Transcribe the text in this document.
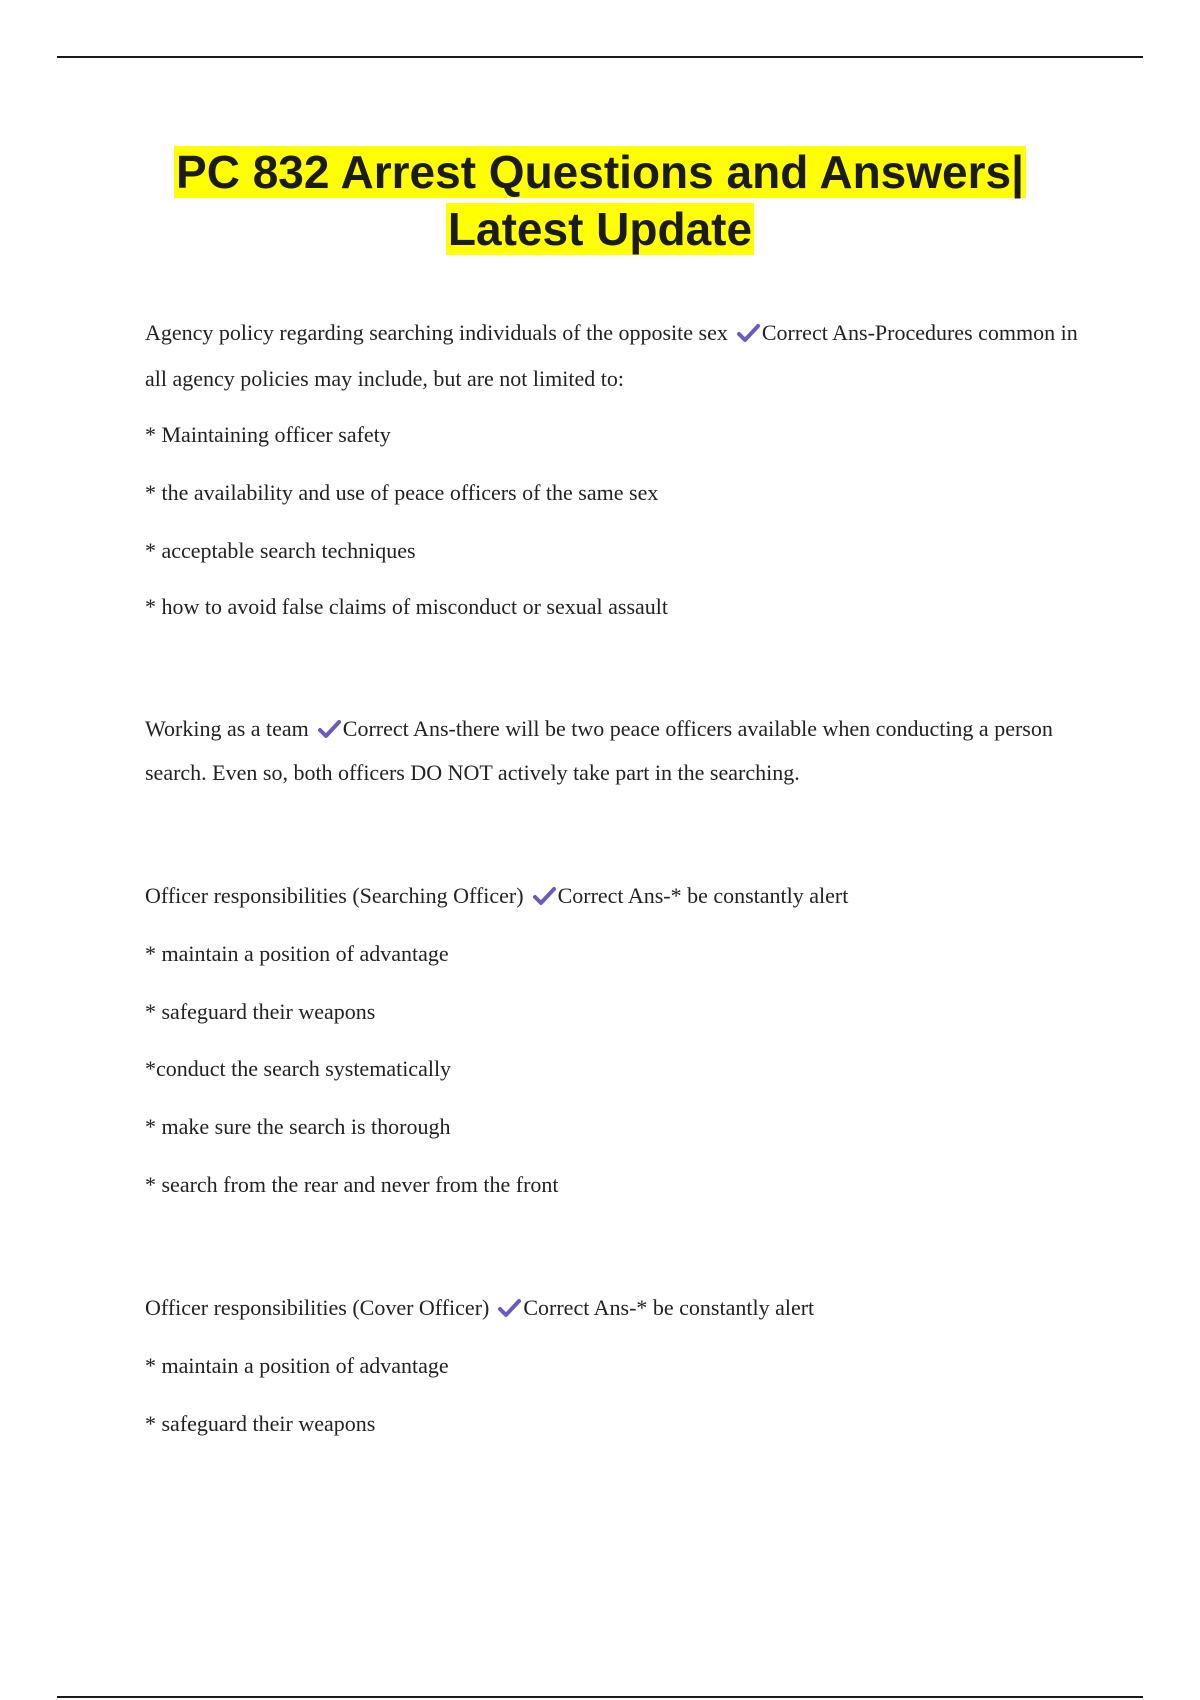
PC 832 Arrest Questions and Answers|
Latest Update

Agency policy regarding searching individuals of the opposite sex Correct Ans-Procedures common in all agency policies may include, but are not limited to:

* Maintaining officer safety

* the availability and use of peace officers of the same sex

* acceptable search techniques

* how to avoid false claims of misconduct or sexual assault

Working as a team Correct Ans-there will be two peace officers available when conducting a person search. Even so, both officers DO NOT actively take part in the searching.

Officer responsibilities (Searching Officer) Correct Ans-* be constantly alert

* maintain a position of advantage

* safeguard their weapons

*conduct the search systematically

* make sure the search is thorough

* search from the rear and never from the front

Officer responsibilities (Cover Officer) Correct Ans-* be constantly alert

* maintain a position of advantage

* safeguard their weapons
